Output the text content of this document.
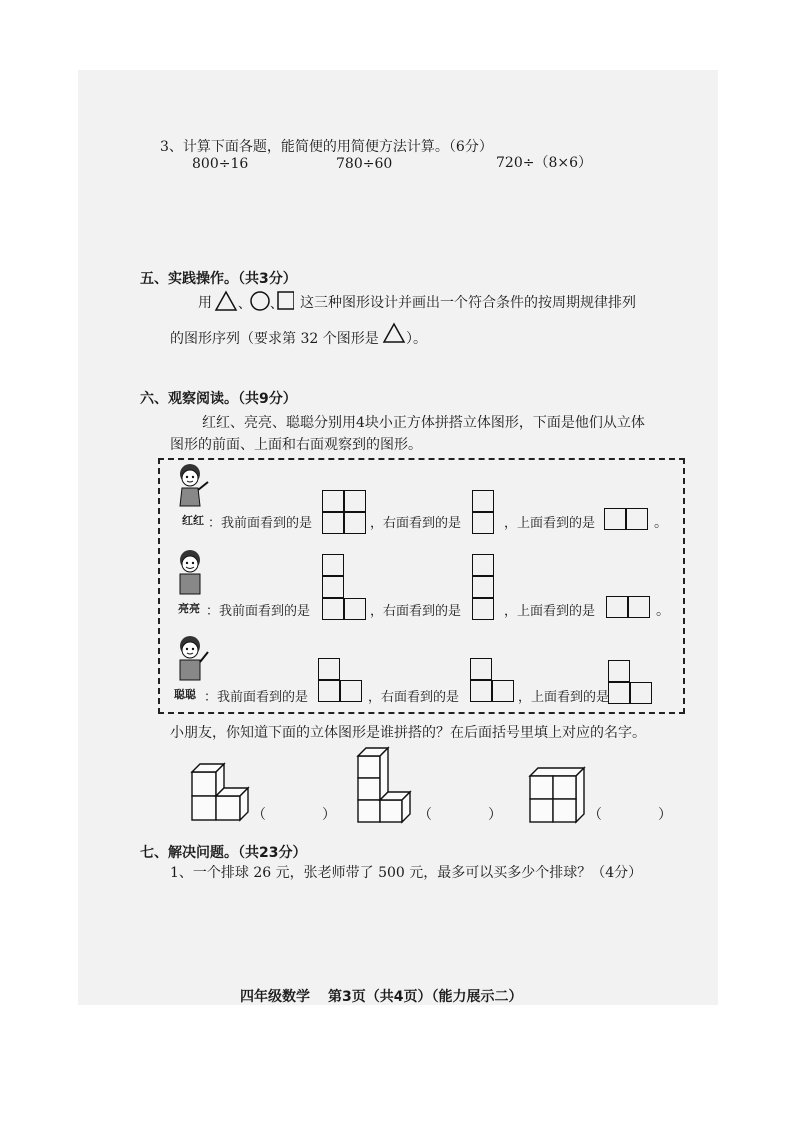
3、计算下面各题，能简便的用简便方法计算。（6分）
800÷16	780÷60	720÷（8×6）
五、实践操作。（共3分）
用 、 、 这三种图形设计并画出一个符合条件的按周期规律排列
的图形序列（要求第 32 个图形是 ）。
六、观察阅读。（共9分）
红红、亮亮、聪聪分别用4块小正方体拼搭立体图形，下面是他们从立体
图形的前面、上面和右面观察到的图形。
红红 ：我前面看到的是	，右面看到的是	，上面看到的是	。
亮亮 ：我前面看到的是	，右面看到的是	，上面看到的是	。
聪聪 ：我前面看到的是	，右面看到的是	，上面看到的是
小朋友，你知道下面的立体图形是谁拼搭的？在后面括号里填上对应的名字。
（　　　　）	（　　　　）	（　　　　）
七、解决问题。（共23分）
1、一个排球 26 元，张老师带了 500 元，最多可以买多少个排球？（4分）
四年级数学 第3页（共4页）（能力展示二）
